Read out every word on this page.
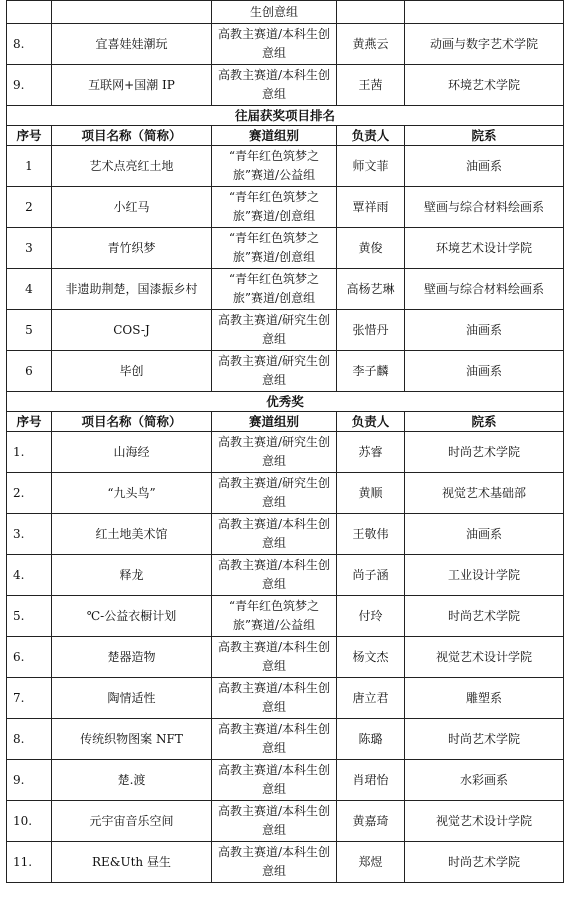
		生创意组		
8.	宜喜娃娃潮玩	高教主赛道/本科生创意组	黄燕云	动画与数字艺术学院
9.	互联网+国潮 IP	高教主赛道/本科生创意组	王茜	环境艺术学院
往届获奖项目排名				
序号	项目名称（简称）	赛道组别	负责人	院系
1	艺术点亮红土地	“青年红色筑梦之旅”赛道/公益组	师文菲	油画系
2	小红马	“青年红色筑梦之旅”赛道/创意组	覃祥雨	壁画与综合材料绘画系
3	青竹织梦	“青年红色筑梦之旅”赛道/创意组	黄俊	环境艺术设计学院
4	非遗助荆楚，国漆振乡村	“青年红色筑梦之旅”赛道/创意组	高杨艺琳	壁画与综合材料绘画系
5	COS-J	高教主赛道/研究生创意组	张惜丹	油画系
6	毕创	高教主赛道/研究生创意组	李子麟	油画系
优秀奖				
序号	项目名称（简称）	赛道组别	负责人	院系
1.	山海经	高教主赛道/研究生创意组	苏睿	时尚艺术学院
2.	“九头鸟”	高教主赛道/研究生创意组	黄顺	视觉艺术基础部
3.	红土地美术馆	高教主赛道/本科生创意组	王敬伟	油画系
4.	释龙	高教主赛道/本科生创意组	尚子涵	工业设计学院
5.	℃-公益衣橱计划	“青年红色筑梦之旅”赛道/公益组	付玲	时尚艺术学院
6.	楚器造物	高教主赛道/本科生创意组	杨文杰	视觉艺术设计学院
7.	陶情适性	高教主赛道/本科生创意组	唐立君	雕塑系
8.	传统织物图案 NFT	高教主赛道/本科生创意组	陈璐	时尚艺术学院
9.	楚.渡	高教主赛道/本科生创意组	肖珺怡	水彩画系
10.	元宇宙音乐空间	高教主赛道/本科生创意组	黄嘉琦	视觉艺术设计学院
11.	RE&Uth 昼生	高教主赛道/本科生创意组	郑煜	时尚艺术学院
